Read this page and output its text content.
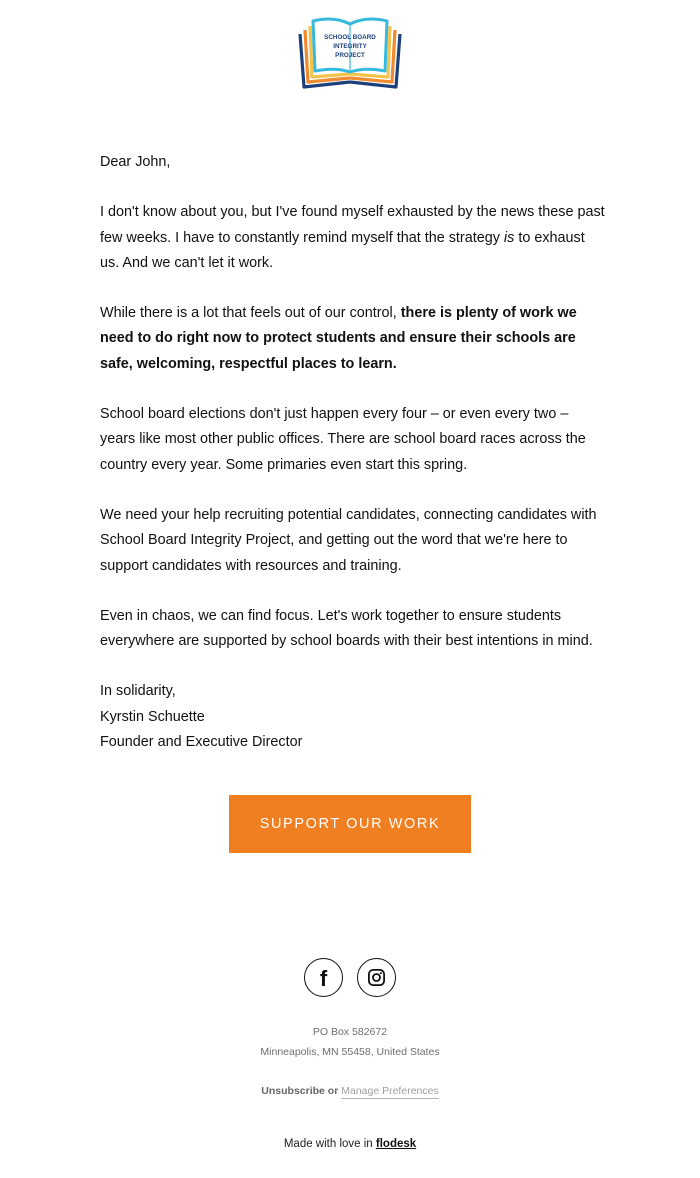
SCHOOL BOARD
INTEGRITY
PROJECT

Dear John,

I don't know about you, but I've found myself exhausted by the news these past few weeks. I have to constantly remind myself that the strategy is to exhaust us. And we can't let it work.

While there is a lot that feels out of our control, there is plenty of work we need to do right now to protect students and ensure their schools are safe, welcoming, respectful places to learn.

School board elections don't just happen every four – or even every two – years like most other public offices. There are school board races across the country every year. Some primaries even start this spring.

We need your help recruiting potential candidates, connecting candidates with School Board Integrity Project, and getting out the word that we're here to support candidates with resources and training.

Even in chaos, we can find focus. Let's work together to ensure students everywhere are supported by school boards with their best intentions in mind.

In solidarity,

Kyrstin Schuette

Founder and Executive Director

SUPPORT OUR WORK
f
PO Box 582672
Minneapolis, MN 55458, United States
Unsubscribe or Manage Preferences
Made with love in flodesk
